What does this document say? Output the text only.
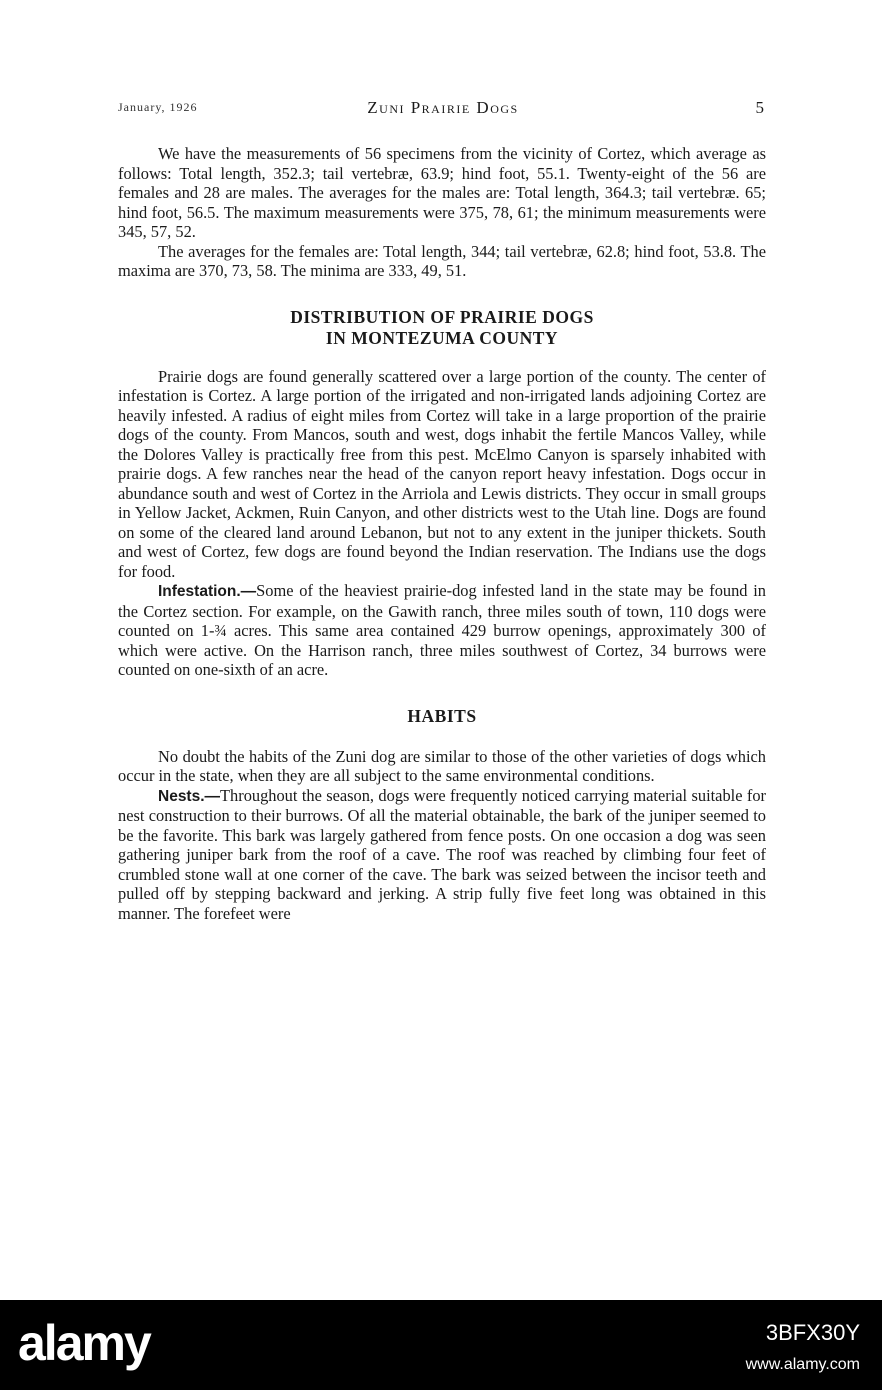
January, 1926	Zuni Prairie Dogs	5

We have the measurements of 56 specimens from the vicinity of Cortez, which average as follows: Total length, 352.3; tail vertebræ, 63.9; hind foot, 55.1. Twenty-eight of the 56 are females and 28 are males. The averages for the males are: Total length, 364.3; tail vertebræ. 65; hind foot, 56.5. The maximum measurements were 375, 78, 61; the minimum measurements were 345, 57, 52.

The averages for the females are: Total length, 344; tail vertebræ, 62.8; hind foot, 53.8. The maxima are 370, 73, 58. The minima are 333, 49, 51.

DISTRIBUTION OF PRAIRIE DOGS
IN MONTEZUMA COUNTY

Prairie dogs are found generally scattered over a large portion of the county. The center of infestation is Cortez. A large portion of the irrigated and non-irrigated lands adjoining Cortez are heavily infested. A radius of eight miles from Cortez will take in a large proportion of the prairie dogs of the county. From Mancos, south and west, dogs inhabit the fertile Mancos Valley, while the Dolores Valley is practically free from this pest. McElmo Canyon is sparsely inhabited with prairie dogs. A few ranches near the head of the canyon report heavy infestation. Dogs occur in abundance south and west of Cortez in the Arriola and Lewis districts. They occur in small groups in Yellow Jacket, Ackmen, Ruin Canyon, and other districts west to the Utah line. Dogs are found on some of the cleared land around Lebanon, but not to any extent in the juniper thickets. South and west of Cortez, few dogs are found beyond the Indian reservation. The Indians use the dogs for food.

Infestation.—Some of the heaviest prairie-dog infested land in the state may be found in the Cortez section. For example, on the Gawith ranch, three miles south of town, 110 dogs were counted on 1-¾ acres. This same area contained 429 burrow openings, approximately 300 of which were active. On the Harrison ranch, three miles southwest of Cortez, 34 burrows were counted on one-sixth of an acre.

HABITS

No doubt the habits of the Zuni dog are similar to those of the other varieties of dogs which occur in the state, when they are all subject to the same environmental conditions.

Nests.—Throughout the season, dogs were frequently noticed carrying material suitable for nest construction to their burrows. Of all the material obtainable, the bark of the juniper seemed to be the favorite. This bark was largely gathered from fence posts. On one occasion a dog was seen gathering juniper bark from the roof of a cave. The roof was reached by climbing four feet of crumbled stone wall at one corner of the cave. The bark was seized between the incisor teeth and pulled off by stepping backward and jerking. A strip fully five feet long was obtained in this manner. The forefeet were

alamy	3BFX30Y
www.alamy.com
